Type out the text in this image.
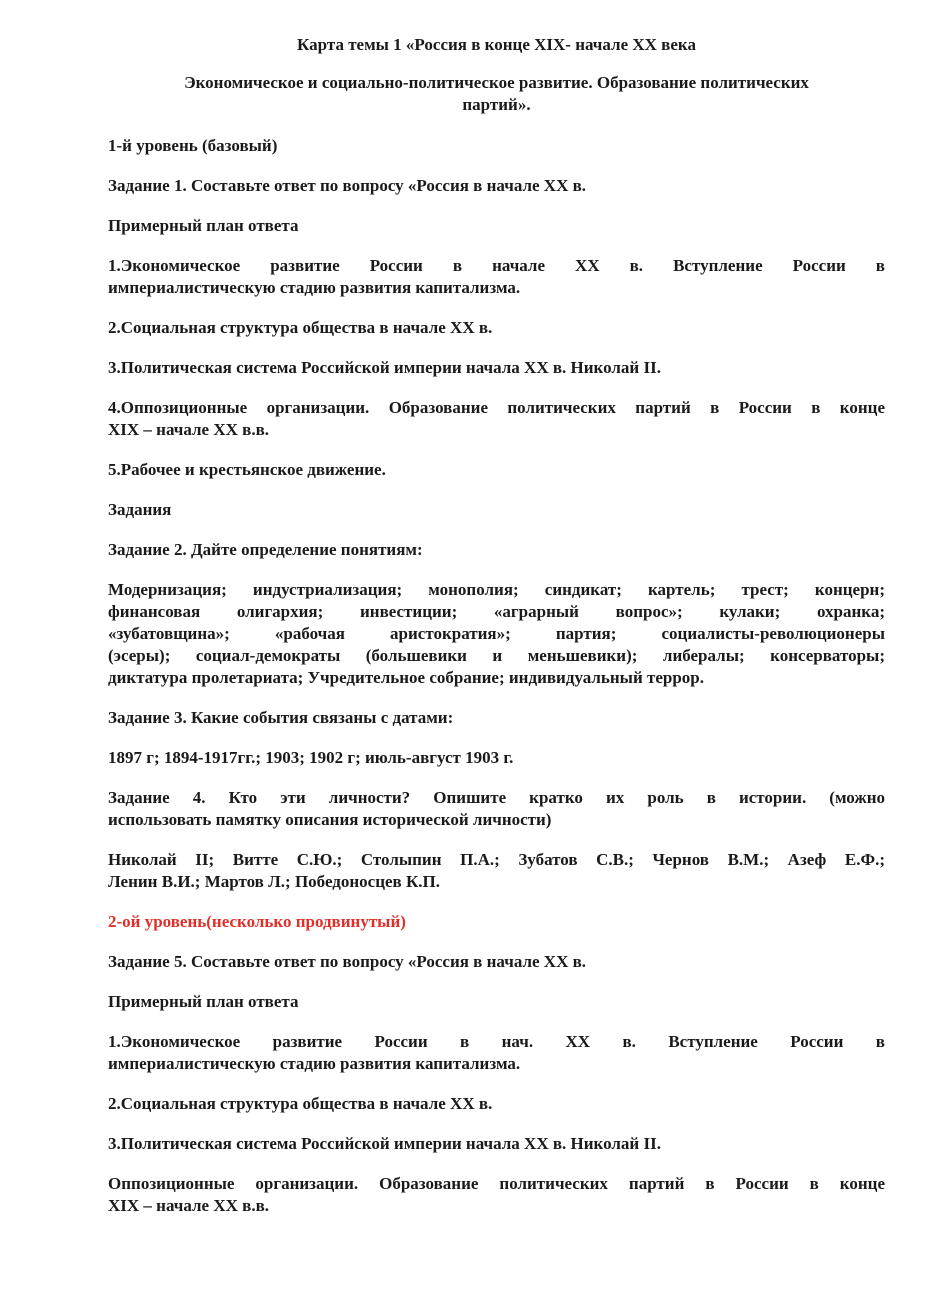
Карта темы 1 «Россия в конце XIX- начале XX века
Экономическое и социально-политическое развитие. Образование политических
партий».
1-й уровень (базовый)
Задание 1. Составьте ответ по вопросу «Россия в начале XX в.
Примерный план ответа
1.Экономическое развитие России в начале XX в. Вступление России в
империалистическую стадию развития капитализма.
2.Социальная структура общества в начале XX в.
3.Политическая система Российской империи начала XX в. Николай II.
4.Оппозиционные организации. Образование политических партий в России в конце
XIX – начале XX в.в.
5.Рабочее и крестьянское движение.
Задания
Задание 2. Дайте определение понятиям:
Модернизация; индустриализация; монополия; синдикат; картель; трест; концерн;
финансовая олигархия; инвестиции; «аграрный вопрос»; кулаки; охранка;
«зубатовщина»; «рабочая аристократия»; партия; социалисты-революционеры
(эсеры); социал-демократы (большевики и меньшевики); либералы; консерваторы;
диктатура пролетариата; Учредительное собрание; индивидуальный террор.
Задание 3. Какие события связаны с датами:
1897 г; 1894-1917гг.; 1903; 1902 г; июль-август 1903 г.
Задание 4. Кто эти личности? Опишите кратко их роль в истории. (можно
использовать памятку описания исторической личности)
Николай II; Витте С.Ю.; Столыпин П.А.; Зубатов С.В.; Чернов В.М.; Азеф Е.Ф.;
Ленин В.И.; Мартов Л.; Победоносцев К.П.
2-ой уровень(несколько продвинутый)
Задание 5. Составьте ответ по вопросу «Россия в начале XX в.
Примерный план ответа
1.Экономическое развитие России в нач. XX в. Вступление России в
империалистическую стадию развития капитализма.
2.Социальная структура общества в начале XX в.
3.Политическая система Российской империи начала XX в. Николай II.
Оппозиционные организации. Образование политических партий в России в конце
XIX – начале XX в.в.
